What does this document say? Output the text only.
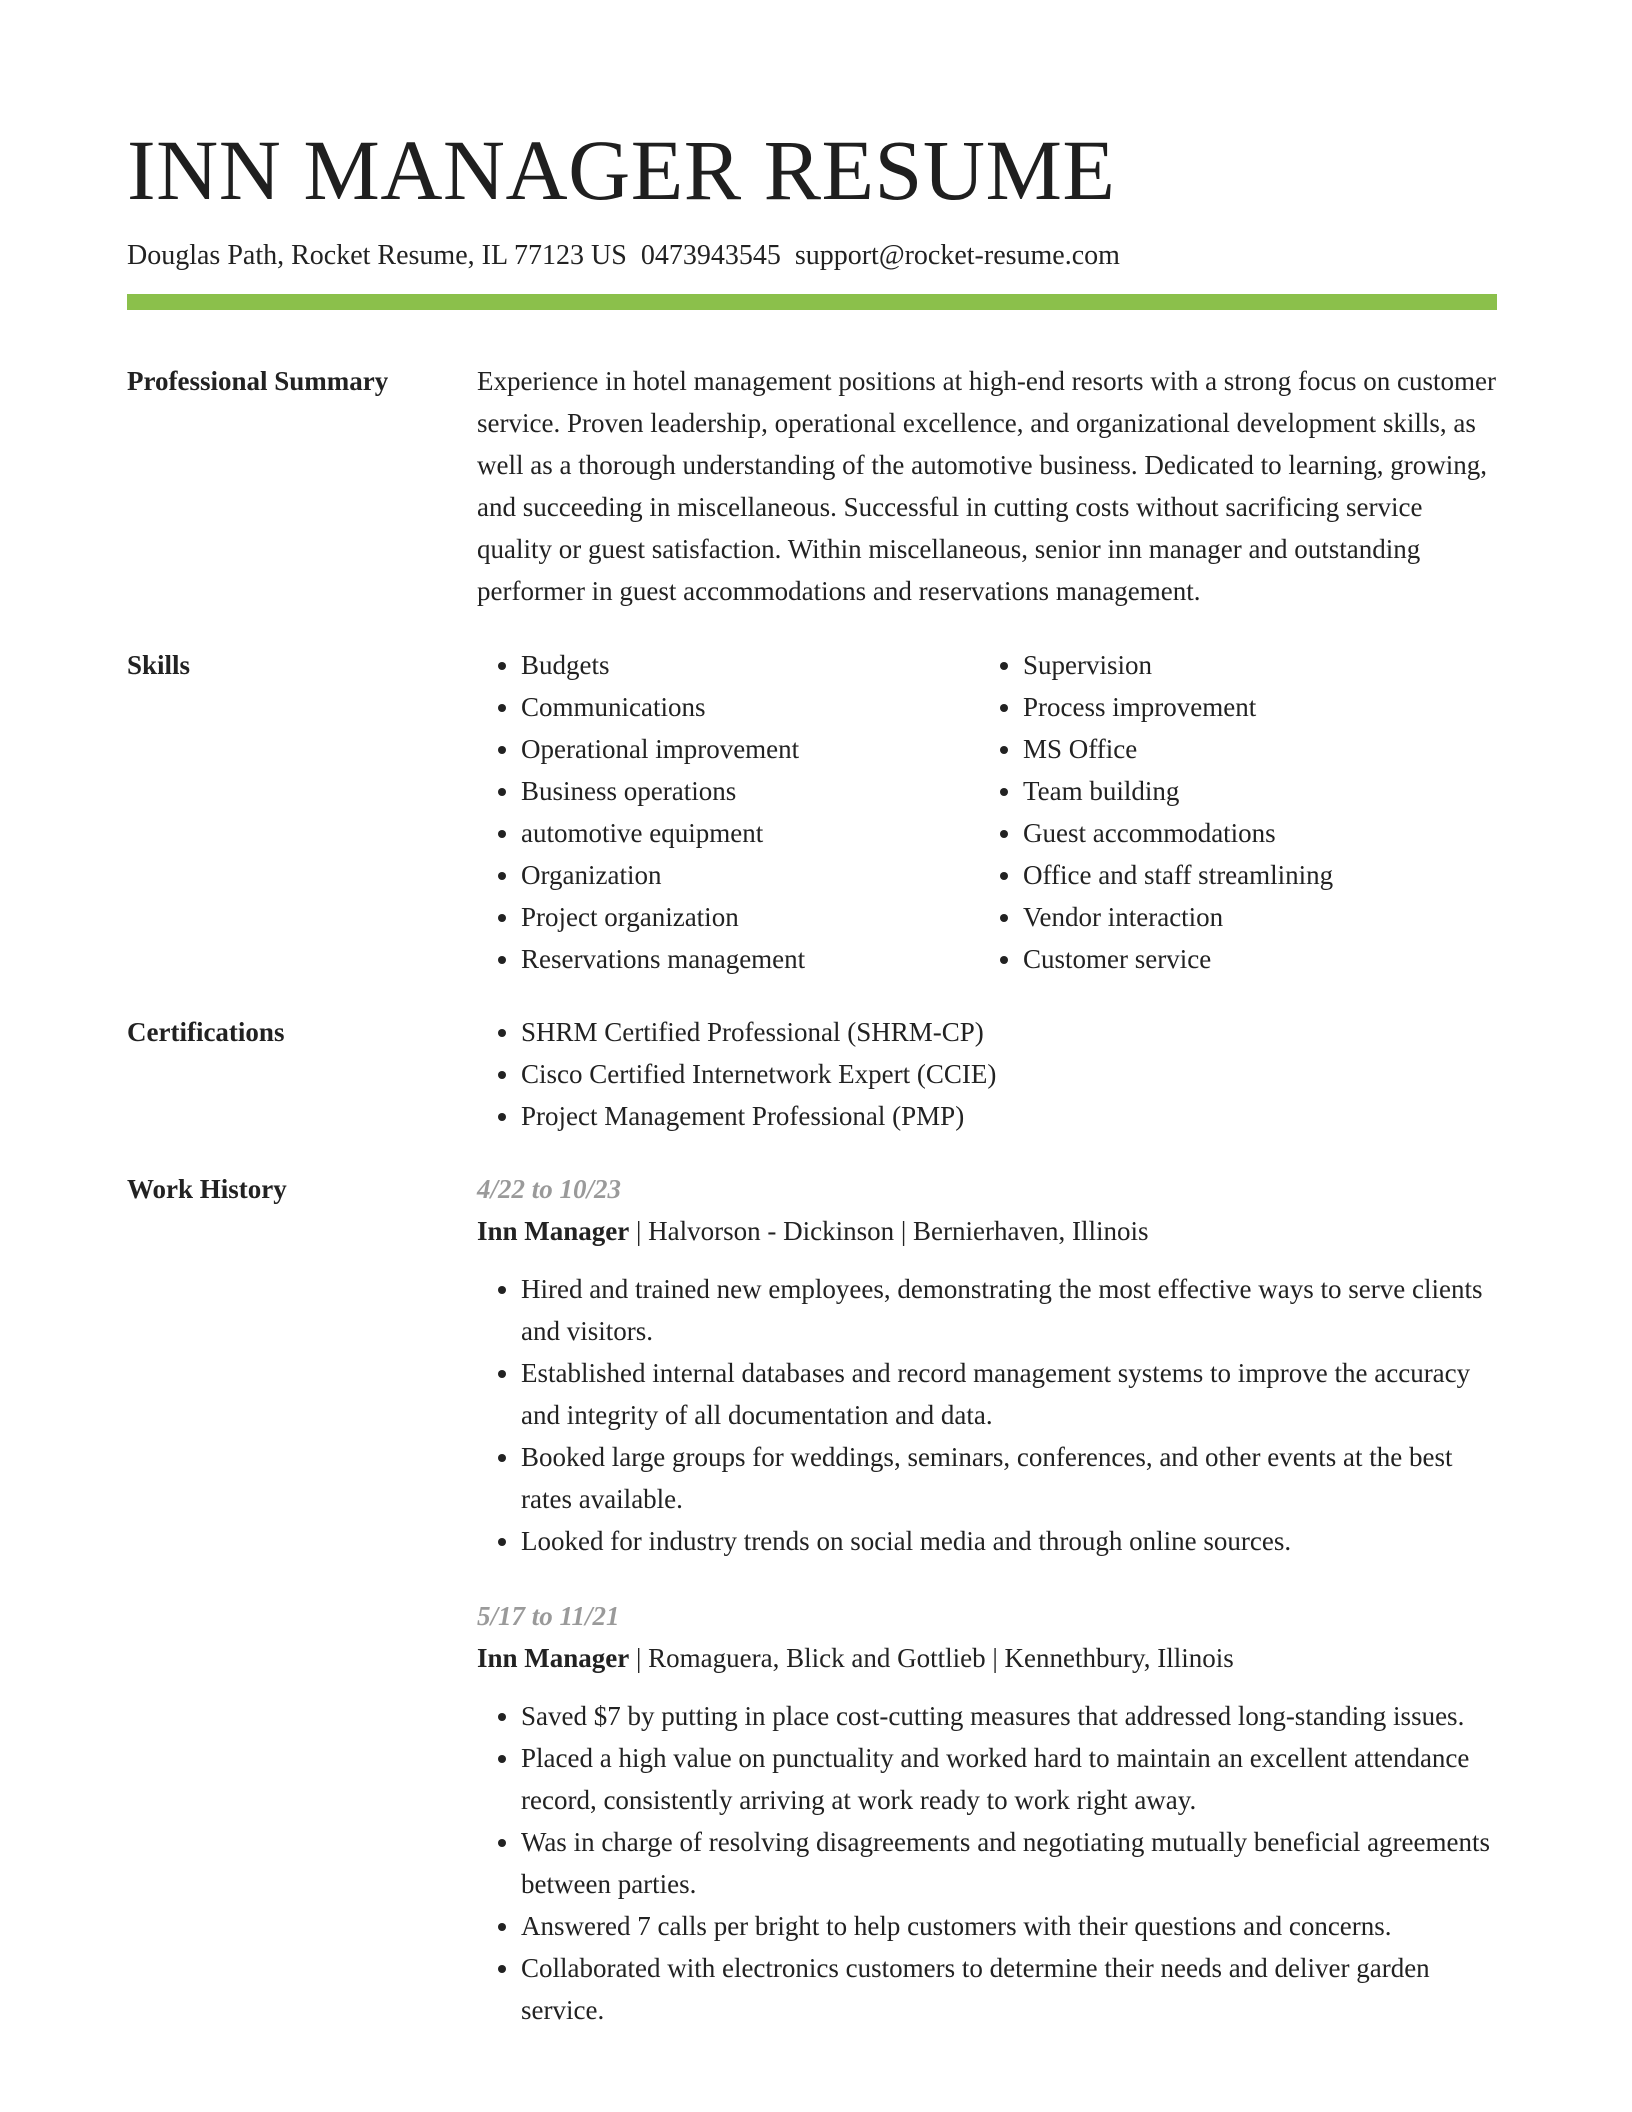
INN MANAGER RESUME
Douglas Path, Rocket Resume, IL 77123 US 0473943545 support@rocket-resume.com
Professional Summary	Experience in hotel management positions at high-end resorts with a strong focus on customer service. Proven leadership, operational excellence, and organizational development skills, as well as a thorough understanding of the automotive business. Dedicated to learning, growing, and succeeding in miscellaneous. Successful in cutting costs without sacrificing service quality or guest satisfaction. Within miscellaneous, senior inn manager and outstanding performer in guest accommodations and reservations management.
Skills	• Budgets
• Communications
• Operational improvement
• Business operations
• automotive equipment
• Organization
• Project organization
• Reservations management
• Supervision
• Process improvement
• MS Office
• Team building
• Guest accommodations
• Office and staff streamlining
• Vendor interaction
• Customer service
Certifications	• SHRM Certified Professional (SHRM-CP)
• Cisco Certified Internetwork Expert (CCIE)
• Project Management Professional (PMP)
Work History	4/22 to 10/23
Inn Manager | Halvorson - Dickinson | Bernierhaven, Illinois
• Hired and trained new employees, demonstrating the most effective ways to serve clients and visitors.
• Established internal databases and record management systems to improve the accuracy and integrity of all documentation and data.
• Booked large groups for weddings, seminars, conferences, and other events at the best rates available.
• Looked for industry trends on social media and through online sources.
5/17 to 11/21
Inn Manager | Romaguera, Blick and Gottlieb | Kennethbury, Illinois
• Saved $7 by putting in place cost-cutting measures that addressed long-standing issues.
• Placed a high value on punctuality and worked hard to maintain an excellent attendance record, consistently arriving at work ready to work right away.
• Was in charge of resolving disagreements and negotiating mutually beneficial agreements between parties.
• Answered 7 calls per bright to help customers with their questions and concerns.
• Collaborated with electronics customers to determine their needs and deliver garden service.
